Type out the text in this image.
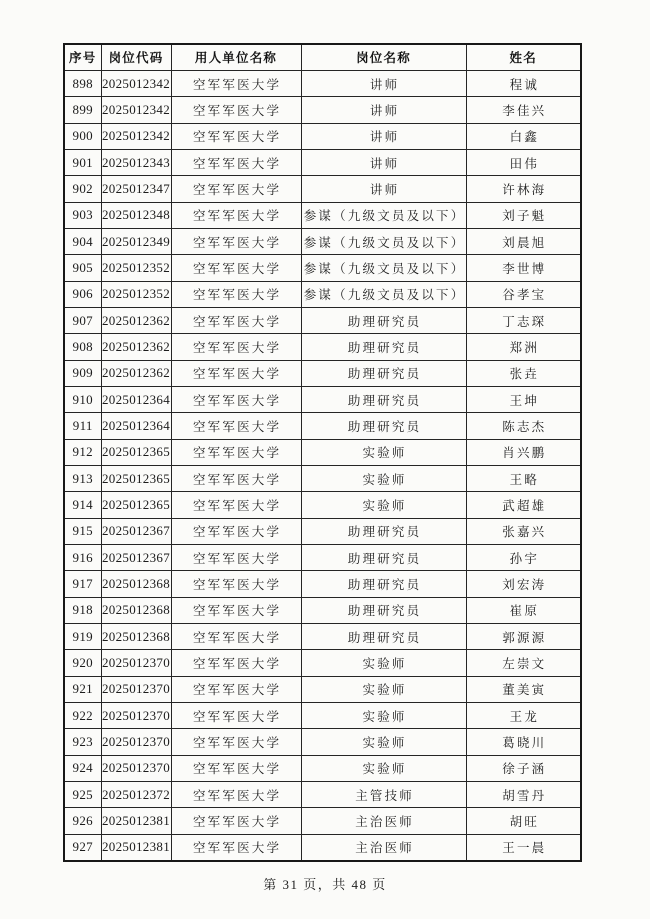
序号	岗位代码	用人单位名称	岗位名称	姓名
898	2025012342	空军军医大学	讲师	程诚
899	2025012342	空军军医大学	讲师	李佳兴
900	2025012342	空军军医大学	讲师	白鑫
901	2025012343	空军军医大学	讲师	田伟
902	2025012347	空军军医大学	讲师	许林海
903	2025012348	空军军医大学	参谋（九级文员及以下）	刘子魁
904	2025012349	空军军医大学	参谋（九级文员及以下）	刘晨旭
905	2025012352	空军军医大学	参谋（九级文员及以下）	李世博
906	2025012352	空军军医大学	参谋（九级文员及以下）	谷孝宝
907	2025012362	空军军医大学	助理研究员	丁志琛
908	2025012362	空军军医大学	助理研究员	郑洲
909	2025012362	空军军医大学	助理研究员	张垚
910	2025012364	空军军医大学	助理研究员	王坤
911	2025012364	空军军医大学	助理研究员	陈志杰
912	2025012365	空军军医大学	实验师	肖兴鹏
913	2025012365	空军军医大学	实验师	王略
914	2025012365	空军军医大学	实验师	武超雄
915	2025012367	空军军医大学	助理研究员	张嘉兴
916	2025012367	空军军医大学	助理研究员	孙宇
917	2025012368	空军军医大学	助理研究员	刘宏涛
918	2025012368	空军军医大学	助理研究员	崔原
919	2025012368	空军军医大学	助理研究员	郭源源
920	2025012370	空军军医大学	实验师	左崇文
921	2025012370	空军军医大学	实验师	董美寅
922	2025012370	空军军医大学	实验师	王龙
923	2025012370	空军军医大学	实验师	葛晓川
924	2025012370	空军军医大学	实验师	徐子涵
925	2025012372	空军军医大学	主管技师	胡雪丹
926	2025012381	空军军医大学	主治医师	胡旺
927	2025012381	空军军医大学	主治医师	王一晨
第 31 页，共 48 页
